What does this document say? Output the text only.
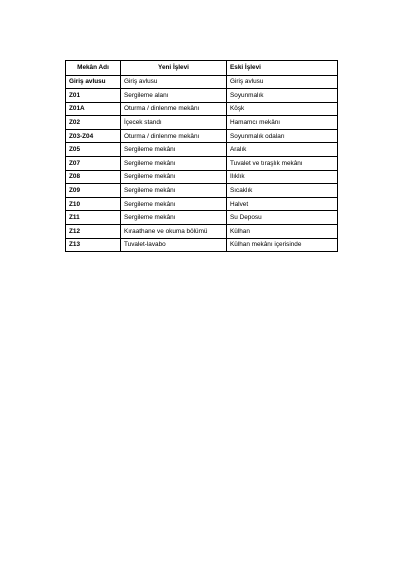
Mekân Adı	Yeni İşlevi	Eski İşlevi
Giriş avlusu	Giriş avlusu	Giriş avlusu
Z01	Sergileme alanı	Soyunmalık
Z01A	Oturma / dinlenme mekânı	Köşk
Z02	İçecek standı	Hamamcı mekânı
Z03-Z04	Oturma / dinlenme mekânı	Soyunmalık odaları
Z05	Sergileme mekânı	Aralık
Z07	Sergileme mekânı	Tuvalet ve tıraşlık mekânı
Z08	Sergileme mekânı	Ilıklık
Z09	Sergileme mekânı	Sıcaklık
Z10	Sergileme mekânı	Halvet
Z11	Sergileme mekânı	Su Deposu
Z12	Kıraathane ve okuma bölümü	Külhan
Z13	Tuvalet-lavabo	Külhan mekânı içerisinde
